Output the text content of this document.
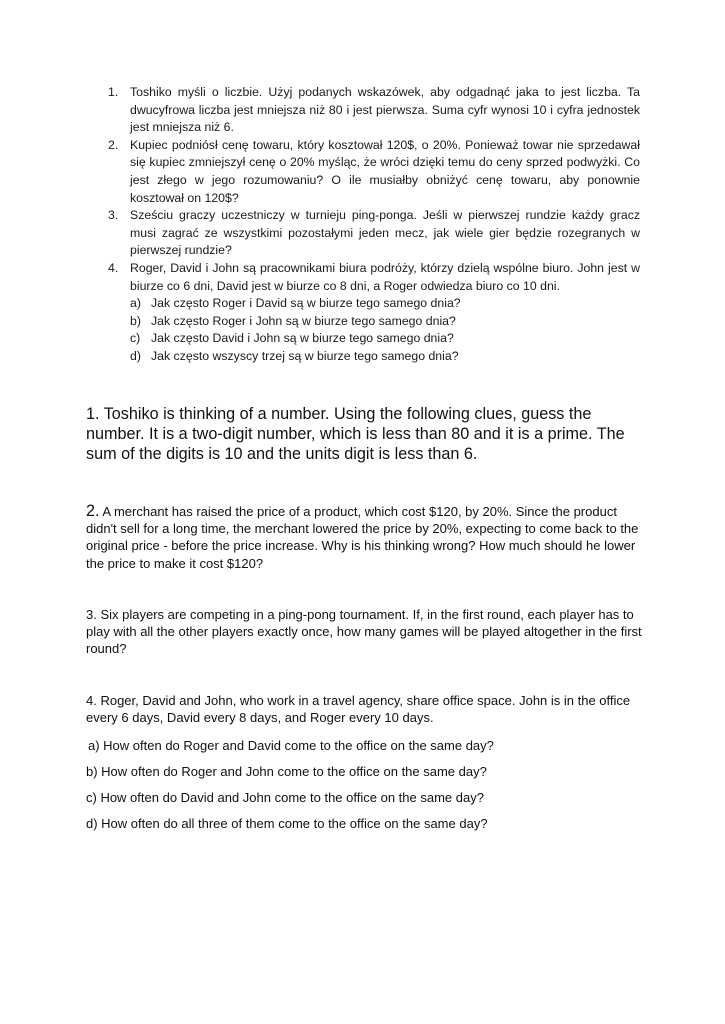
1. Toshiko myśli o liczbie. Użyj podanych wskazówek, aby odgadnąć jaka to jest liczba. Ta dwucyfrowa liczba jest mniejsza niż 80 i jest pierwsza. Suma cyfr wynosi 10 i cyfra jednostek jest mniejsza niż 6.
2. Kupiec podniósł cenę towaru, który kosztował 120$, o 20%. Ponieważ towar nie sprzedawał się kupiec zmniejszył cenę o 20% myśląc, że wróci dzięki temu do ceny sprzed podwyżki. Co jest złego w jego rozumowaniu? O ile musiałby obniżyć cenę towaru, aby ponownie kosztował on 120$?
3. Sześciu graczy uczestniczy w turnieju ping-ponga. Jeśli w pierwszej rundzie każdy gracz musi zagrać ze wszystkimi pozostałymi jeden mecz, jak wiele gier będzie rozegranych w pierwszej rundzie?
4. Roger, David i John są pracownikami biura podróży, którzy dzielą wspólne biuro. John jest w biurze co 6 dni, David jest w biurze co 8 dni, a Roger odwiedza biuro co 10 dni.
a) Jak często Roger i David są w biurze tego samego dnia?
b) Jak często Roger i John są w biurze tego samego dnia?
c) Jak często David i John są w biurze tego samego dnia?
d) Jak często wszyscy trzej są w biurze tego samego dnia?

1. Toshiko is thinking of a number. Using the following clues, guess the number. It is a two-digit number, which is less than 80 and it is a prime. The sum of the digits is 10 and the units digit is less than 6.

2. A merchant has raised the price of a product, which cost $120, by 20%. Since the product didn't sell for a long time, the merchant lowered the price by 20%, expecting to come back to the original price - before the price increase. Why is his thinking wrong? How much should he lower the price to make it cost $120?

3. Six players are competing in a ping-pong tournament. If, in the first round, each player has to play with all the other players exactly once, how many games will be played altogether in the first round?

4. Roger, David and John, who work in a travel agency, share office space. John is in the office every 6 days, David every 8 days, and Roger every 10 days.

a) How often do Roger and David come to the office on the same day?
b) How often do Roger and John come to the office on the same day?
c) How often do David and John come to the office on the same day?
d) How often do all three of them come to the office on the same day?
